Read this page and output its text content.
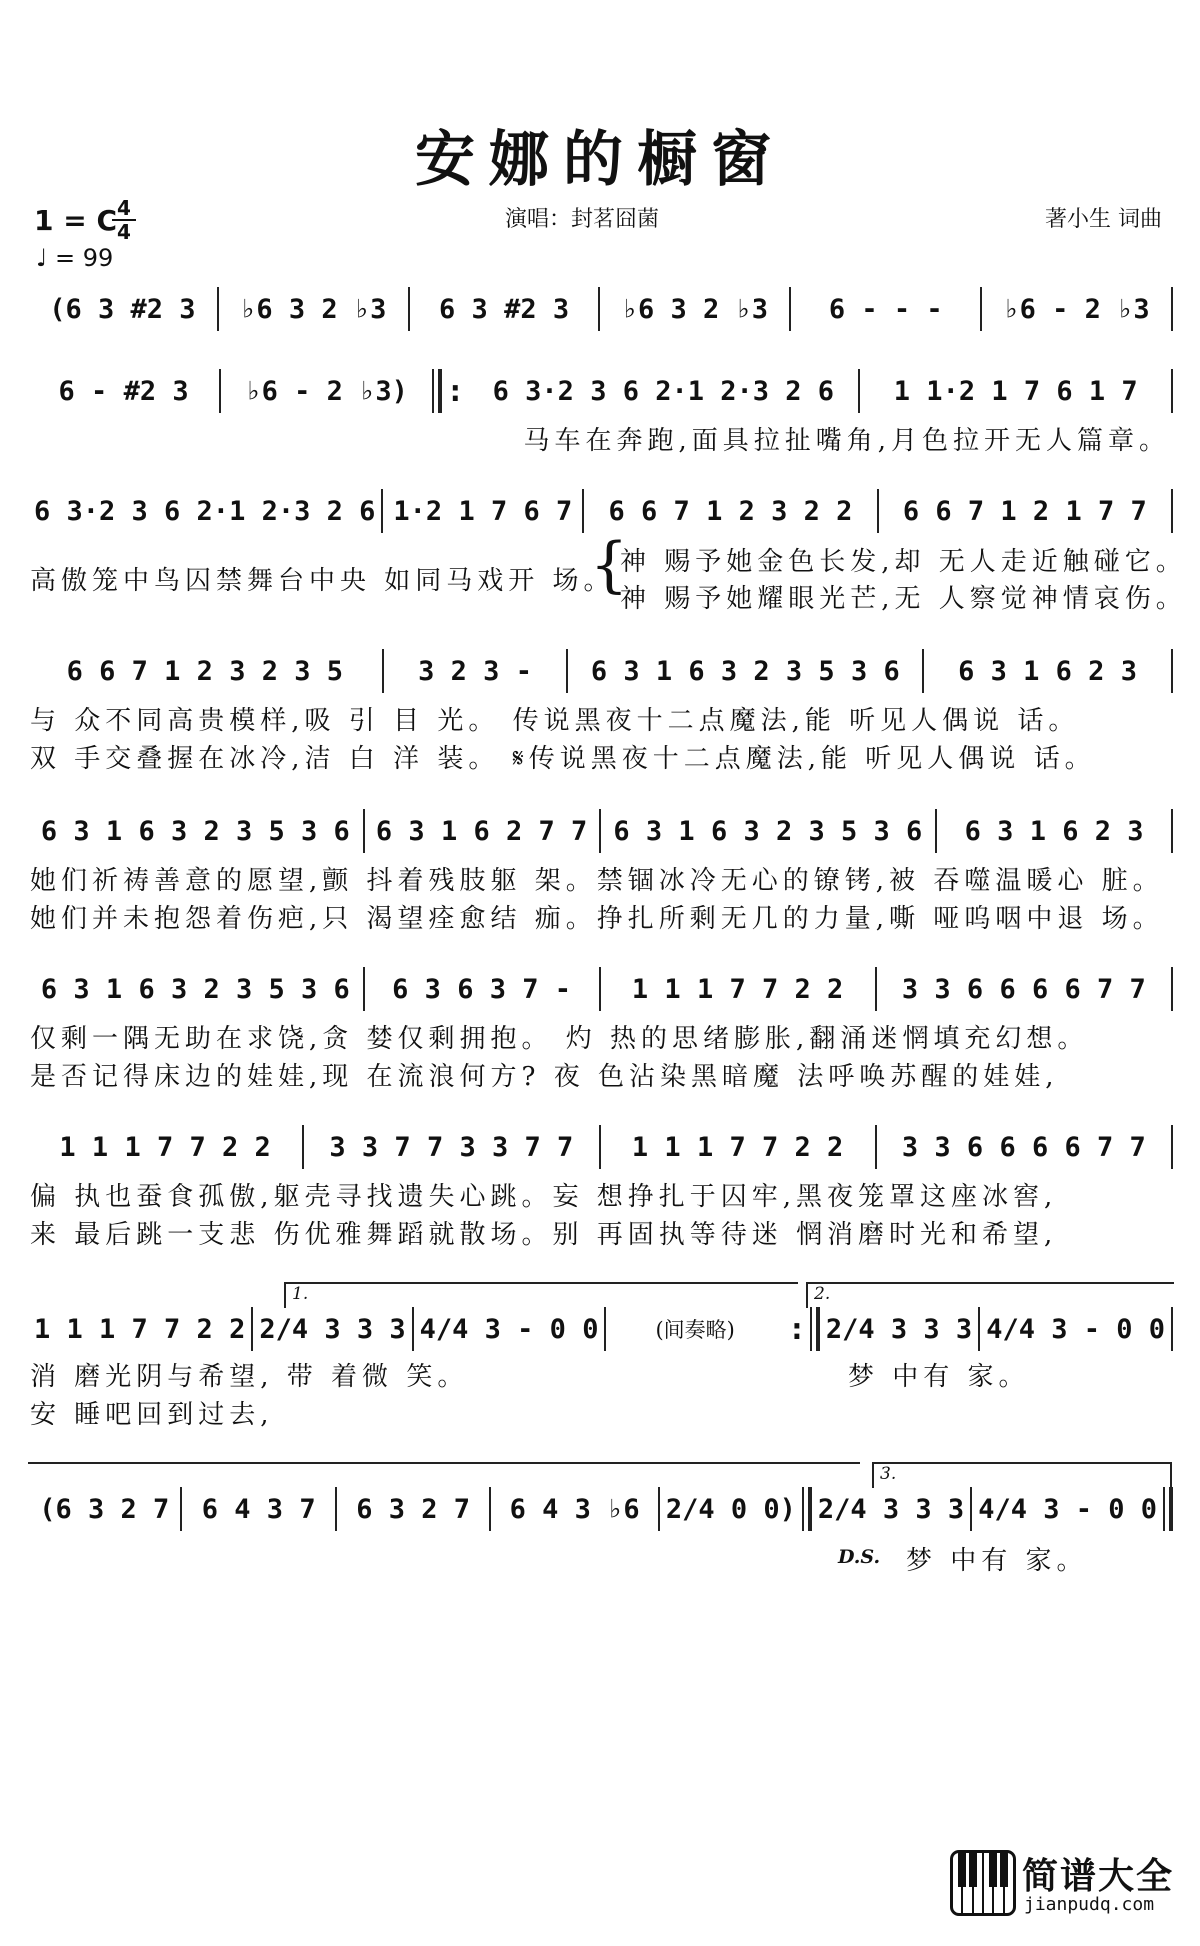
安娜的橱窗
1 = C 4
4
♩ = 99
演唱：封茗囧菌	著小生 词曲
(6 3 #2 3	♭6 3 2 ♭3	6 3 #2 3	♭6 3 2 ♭3	6 - - -	♭6 - 2 ♭3
6 - #2 3	♭6 - 2 ♭3)	:	6 3·2 3 6 2·1 2·3 2 6	1 1·2 1 7 6 1 7
马车在奔跑,面具拉扯嘴角,月色拉开无人篇章。
6 3·2 3 6 2·1 2·3 2 6 1·2 1 7 6 7	6 6 7 1 2 3 2 2	6 6 7 1 2 1 7 7
高傲笼中鸟囚禁舞台中央 如同马戏开 场。
{
神 赐予她金色长发,却 无人走近触碰它。
神 赐予她耀眼光芒,无 人察觉神情哀伤。
6 6 7 1 2 3 2 3 5	3 2 3 -	6 3 1 6 3 2 3 5 3 6	6 3 1 6 2 3
与 众不同高贵模样,吸 引 目 光。 传说黑夜十二点魔法,能 听见人偶说 话。
双 手交叠握在冰冷,洁 白 洋 装。 𝄋传说黑夜十二点魔法,能 听见人偶说 话。
6 3 1 6 3 2 3 5 3 6 6 3 1 6 2 7 7 6 3 1 6 3 2 3 5 3 6	6 3 1 6 2 3
她们祈祷善意的愿望,颤 抖着残肢躯 架。禁锢冰冷无心的镣铐,被 吞噬温暖心 脏。
她们并未抱怨着伤疤,只 渴望痊愈结 痂。挣扎所剩无几的力量,嘶 哑呜咽中退 场。
6 3 1 6 3 2 3 5 3 6	6 3 6 3 7 -	1 1 1 7 7 2 2	3 3 6 6 6 6 7 7
仅剩一隅无助在求饶,贪 婪仅剩拥抱。 灼 热的思绪膨胀,翻涌迷惘填充幻想。
是否记得床边的娃娃,现 在流浪何方? 夜 色沾染黑暗魔 法呼唤苏醒的娃娃,
1 1 1 7 7 2 2	3 3 7 7 3 3 7 7	1 1 1 7 7 2 2	3 3 6 6 6 6 7 7
偏 执也蚕食孤傲,躯壳寻找遗失心跳。妄 想挣扎于囚牢,黑夜笼罩这座冰窖,
来 最后跳一支悲 伤优雅舞蹈就散场。别 再固执等待迷 惘消磨时光和希望,
1.	2.
1 1 1 7 7 2 2 2/4 3 3 3 4/4 3 - 0 0	(间奏略)	: 2/4 3 3 3 4/4 3 - 0 0
消 磨光阴与希望, 带 着微 笑。	梦 中有 家。
安 睡吧回到过去,
3.
(6 3 2 7	6 4 3 7	6 3 2 7	6 4 3 ♭6 2/4 0 0) 2/4 3 3 3 4/4 3 - 0 0
D.S. 梦 中有 家。
简谱大全
jianpudq.com
